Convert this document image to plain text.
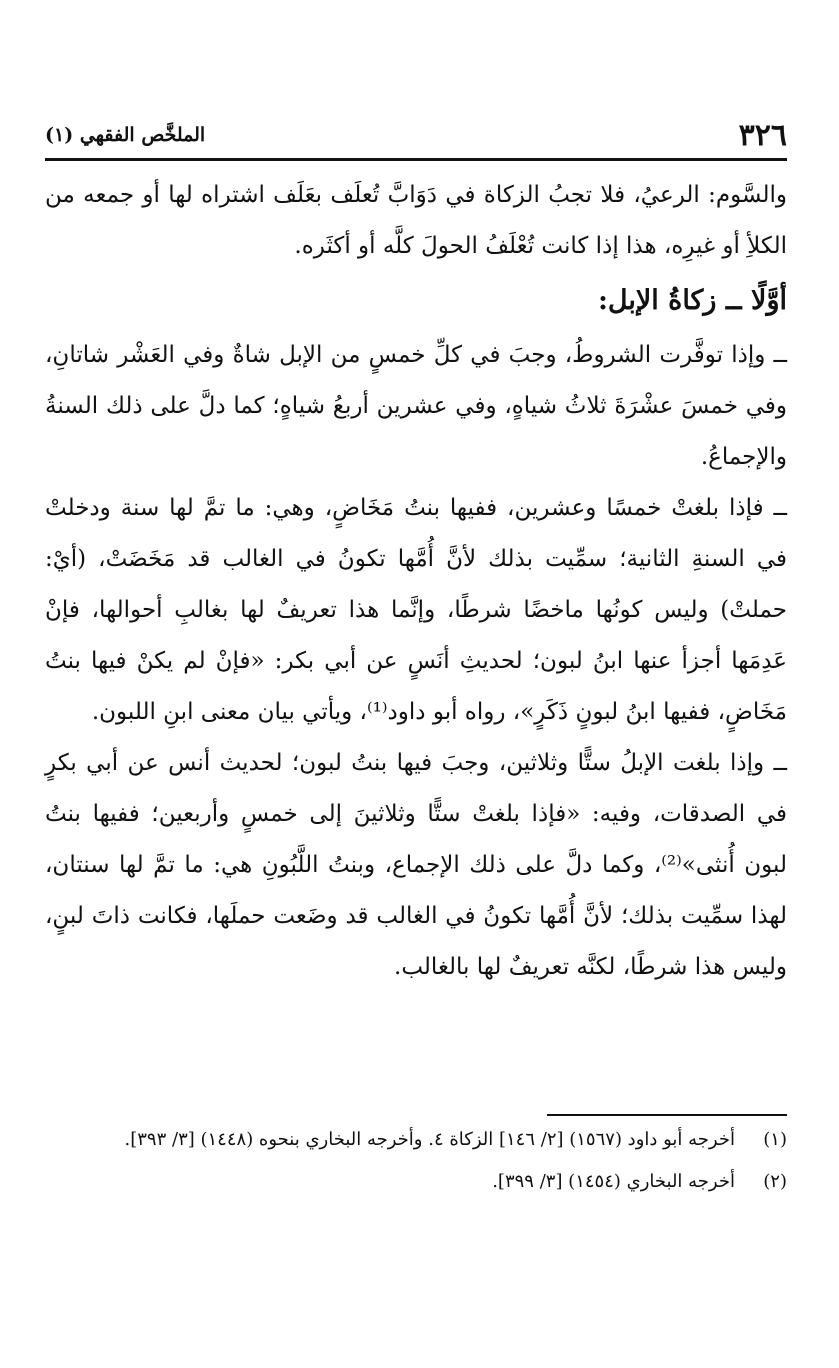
٣٢٦
الملخَّص الفقهي (١)

والسَّوم: الرعيُ، فلا تجبُ الزكاة في دَوَابَّ تُعلَف بعَلَف اشتراه لها أو جمعه من الكلأِ أو غيرِه، هذا إذا كانت تُعْلَفُ الحولَ كلَّه أو أكثَره.

أوَّلًا ــ زكاةُ الإبل:

ــ وإذا توفَّرت الشروطُ، وجبَ في كلِّ خمسٍ من الإبل شاةٌ وفي العَشْر شاتانِ، وفي خمسَ عشْرَةَ ثلاثُ شياهٍ، وفي عشرين أربعُ شياهٍ؛ كما دلَّ على ذلك السنةُ والإجماعُ.

ــ فإذا بلغتْ خمسًا وعشرين، ففيها بنتُ مَخَاضٍ، وهي: ما تمَّ لها سنة ودخلتْ في السنةِ الثانية؛ سمِّيت بذلك لأنَّ أُمَّها تكونُ في الغالب قد مَخَضَتْ، (أيْ: حملتْ) وليس كونُها ماخضًا شرطًا، وإنَّما هذا تعريفٌ لها بغالبِ أحوالها، فإنْ عَدِمَها أجزأ عنها ابنُ لبون؛ لحديثِ أنَسٍ عن أبي بكر: «فإنْ لم يكنْ فيها بنتُ مَخَاضٍ، ففيها ابنُ لبونٍ ذَكَرٍ»، رواه أبو داود⁽¹⁾، ويأتي بيان معنى ابنِ اللبون.

ــ وإذا بلغت الإبلُ ستًّا وثلاثين، وجبَ فيها بنتُ لبون؛ لحديث أنس عن أبي بكرٍ في الصدقات، وفيه: «فإذا بلغتْ ستًّا وثلاثينَ إلى خمسٍ وأربعين؛ ففيها بنتُ لبون أُنثى»⁽²⁾، وكما دلَّ على ذلك الإجماع، وبنتُ اللَّبُونِ هي: ما تمَّ لها سنتان، لهذا سمِّيت بذلك؛ لأنَّ أُمَّها تكونُ في الغالب قد وضَعت حملَها، فكانت ذاتَ لبنٍ، وليس هذا شرطًا، لكنَّه تعريفٌ لها بالغالب.

(١)
أخرجه أبو داود (١٥٦٧) [٢/ ١٤٦] الزكاة ٤. وأخرجه البخاري بنحوه (١٤٤٨) [٣/ ٣٩٣].
(٢)
أخرجه البخاري (١٤٥٤) [٣/ ٣٩٩].
